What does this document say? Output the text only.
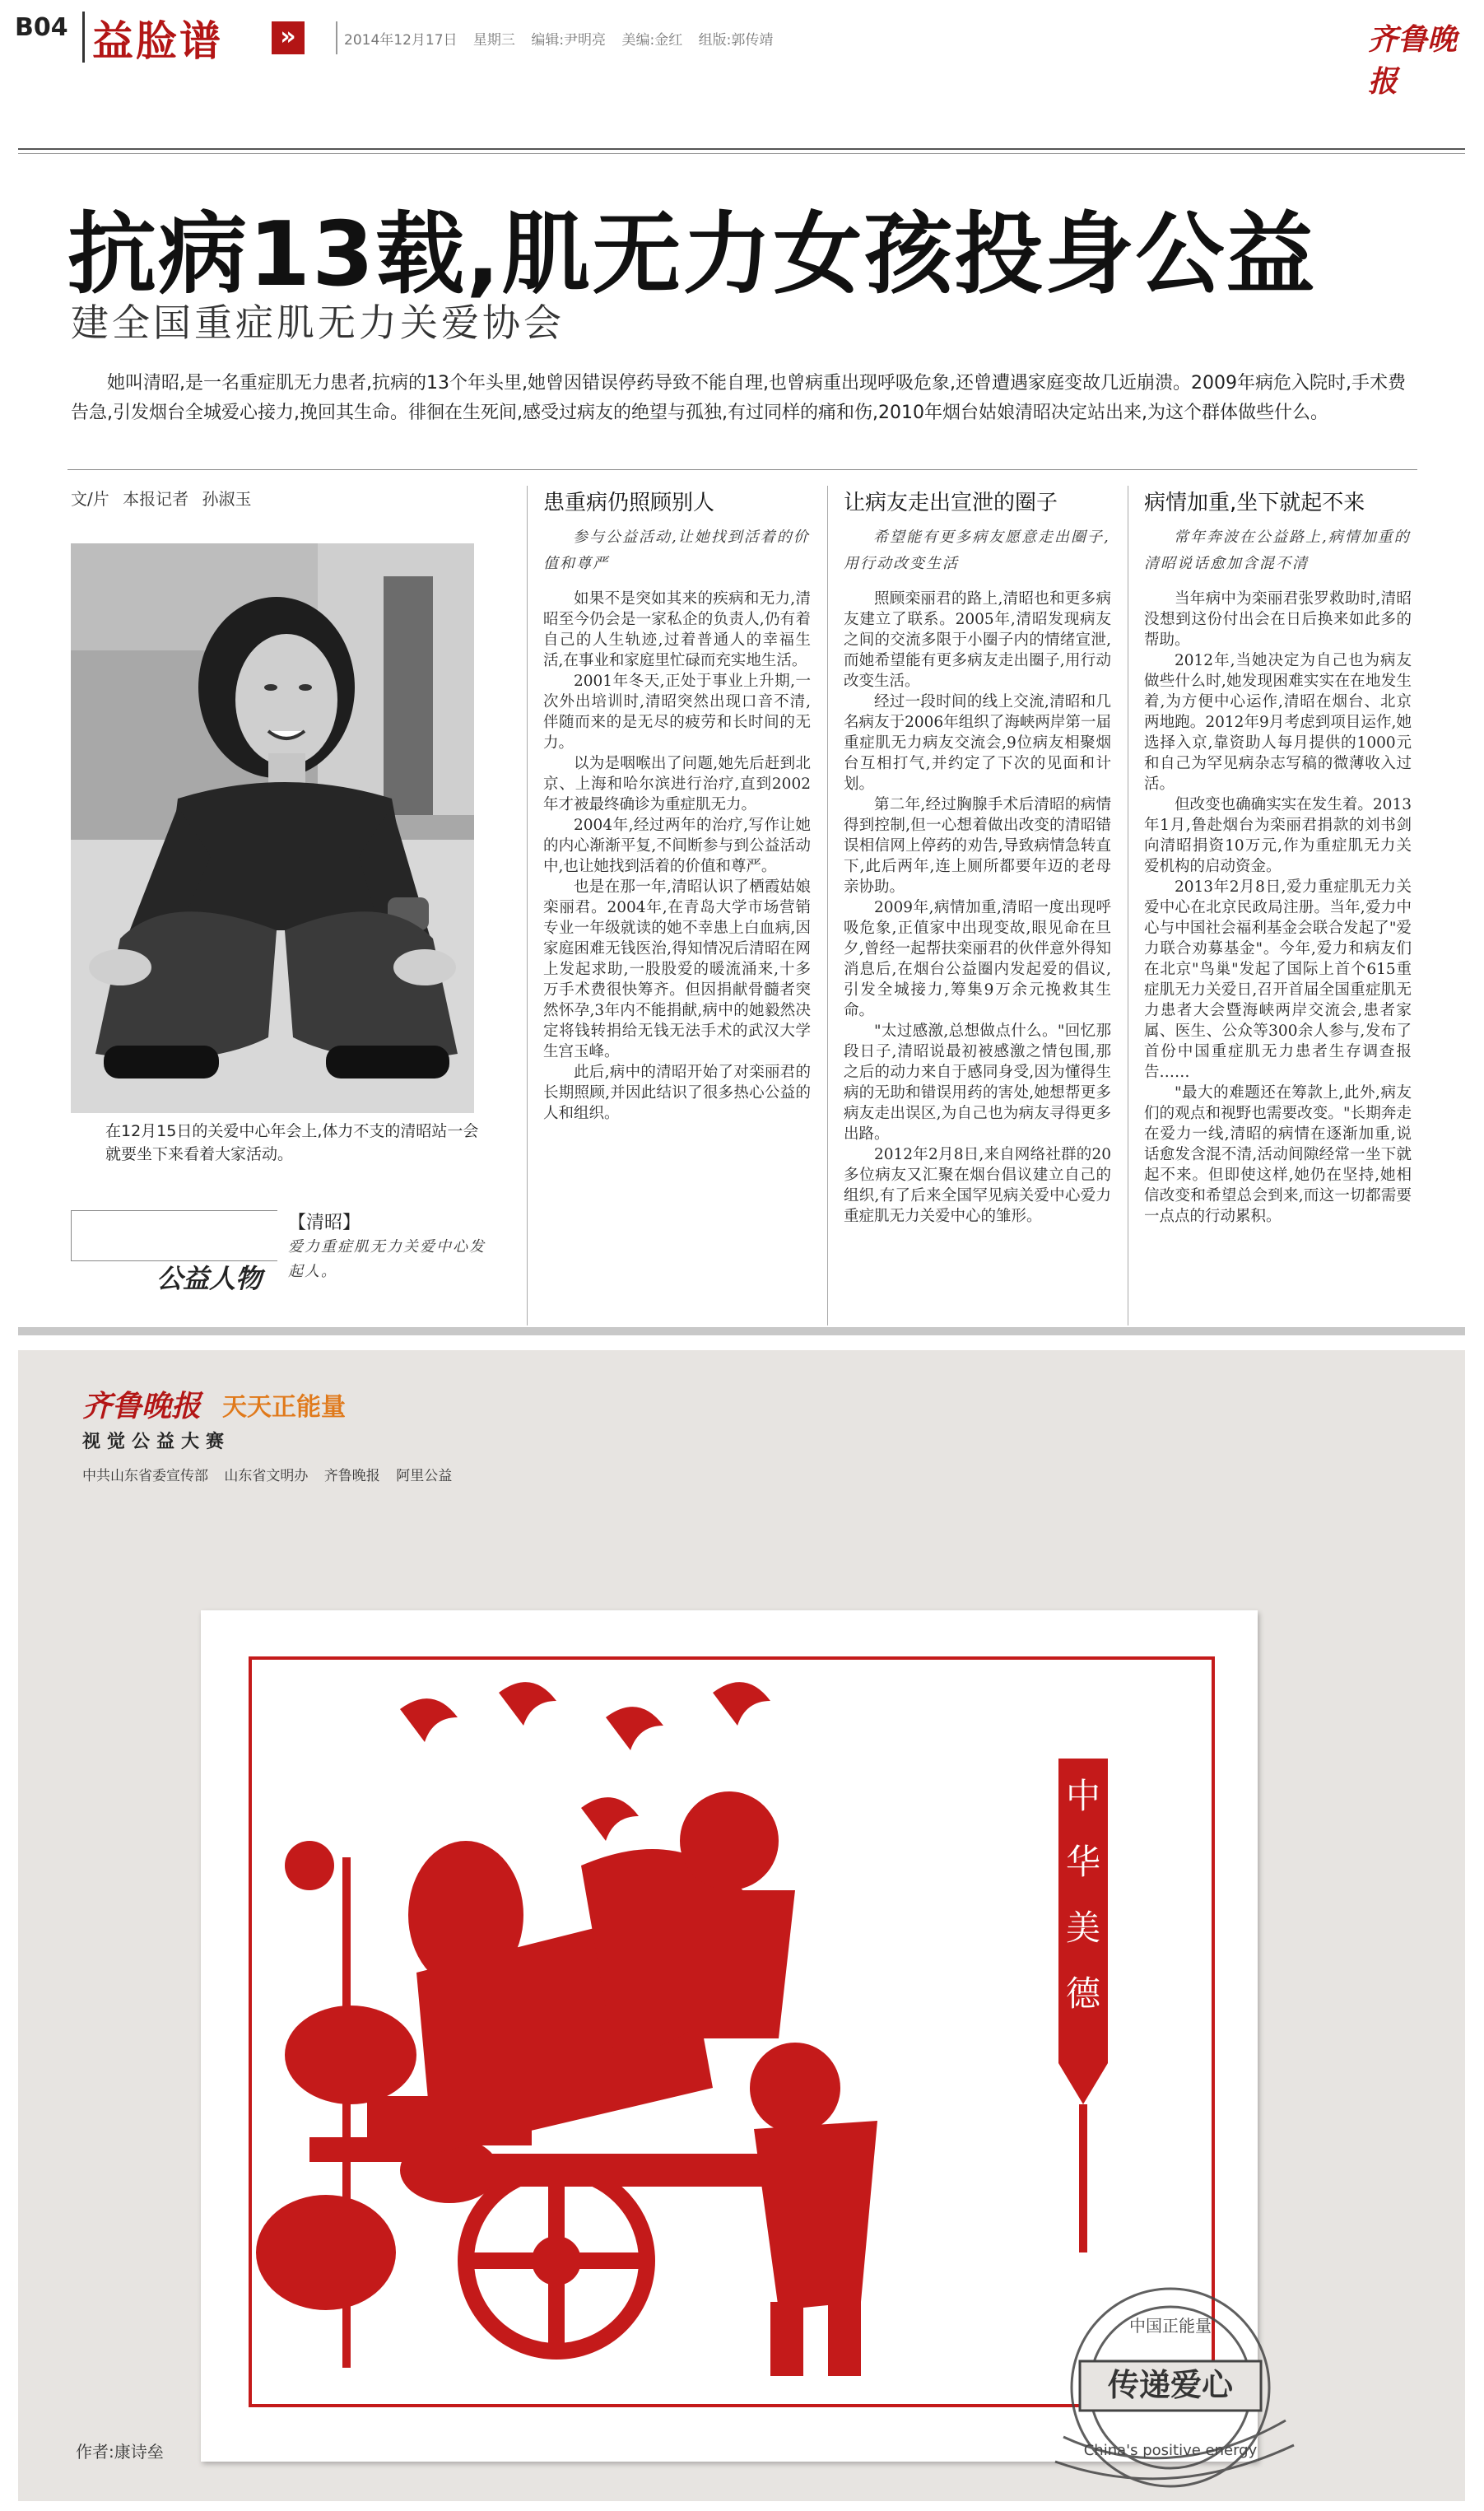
B04 益脸谱	»	2014年12月17日 星期三 编辑:尹明亮 美编:金红 组版:郭传靖	齐鲁晚报
抗病13载,肌无力女孩投身公益
建全国重症肌无力关爱协会
她叫清昭,是一名重症肌无力患者,抗病的13个年头里,她曾因错误停药导致不能自理,也曾病重出现呼吸危象,还曾遭遇家庭变故几近崩溃。2009年病危入院时,手术费告急,引发烟台全城爱心接力,挽回其生命。徘徊在生死间,感受过病友的绝望与孤独,有过同样的痛和伤,2010年烟台姑娘清昭决定站出来,为这个群体做些什么。
文/片 本报记者 孙淑玉
在12月15日的关爱中心年会上,体力不支的清昭站一会就要坐下来看着大家活动。
公益人物
【清昭】
爱力重症肌无力关爱中心发起人。
患重病仍照顾别人
参与公益活动,让她找到活着的价值和尊严

如果不是突如其来的疾病和无力,清昭至今仍会是一家私企的负责人,仍有着自己的人生轨迹,过着普通人的幸福生活,在事业和家庭里忙碌而充实地生活。

2001年冬天,正处于事业上升期,一次外出培训时,清昭突然出现口音不清,伴随而来的是无尽的疲劳和长时间的无力。

以为是咽喉出了问题,她先后赶到北京、上海和哈尔滨进行治疗,直到2002年才被最终确诊为重症肌无力。

2004年,经过两年的治疗,写作让她的内心渐渐平复,不间断参与到公益活动中,也让她找到活着的价值和尊严。

也是在那一年,清昭认识了栖霞姑娘栾丽君。2004年,在青岛大学市场营销专业一年级就读的她不幸患上白血病,因家庭困难无钱医治,得知情况后清昭在网上发起求助,一股股爱的暖流涌来,十多万手术费很快筹齐。但因捐献骨髓者突然怀孕,3年内不能捐献,病中的她毅然决定将钱转捐给无钱无法手术的武汉大学生宫玉峰。

此后,病中的清昭开始了对栾丽君的长期照顾,并因此结识了很多热心公益的人和组织。

让病友走出宣泄的圈子
希望能有更多病友愿意走出圈子,用行动改变生活

照顾栾丽君的路上,清昭也和更多病友建立了联系。2005年,清昭发现病友之间的交流多限于小圈子内的情绪宣泄,而她希望能有更多病友走出圈子,用行动改变生活。

经过一段时间的线上交流,清昭和几名病友于2006年组织了海峡两岸第一届重症肌无力病友交流会,9位病友相聚烟台互相打气,并约定了下次的见面和计划。

第二年,经过胸腺手术后清昭的病情得到控制,但一心想着做出改变的清昭错误相信网上停药的劝告,导致病情急转直下,此后两年,连上厕所都要年迈的老母亲协助。

2009年,病情加重,清昭一度出现呼吸危象,正值家中出现变故,眼见命在旦夕,曾经一起帮扶栾丽君的伙伴意外得知消息后,在烟台公益圈内发起爱的倡议,引发全城接力,筹集9万余元挽救其生命。

"太过感激,总想做点什么。"回忆那段日子,清昭说最初被感激之情包围,那之后的动力来自于感同身受,因为懂得生病的无助和错误用药的害处,她想帮更多病友走出误区,为自己也为病友寻得更多出路。

2012年2月8日,来自网络社群的20多位病友又汇聚在烟台倡议建立自己的组织,有了后来全国罕见病关爱中心爱力重症肌无力关爱中心的雏形。

病情加重,坐下就起不来
常年奔波在公益路上,病情加重的清昭说话愈加含混不清

当年病中为栾丽君张罗救助时,清昭没想到这份付出会在日后换来如此多的帮助。

2012年,当她决定为自己也为病友做些什么时,她发现困难实实在在地发生着,为方便中心运作,清昭在烟台、北京两地跑。2012年9月考虑到项目运作,她选择入京,靠资助人每月提供的1000元和自己为罕见病杂志写稿的微薄收入过活。

但改变也确确实实在发生着。2013年1月,鲁赴烟台为栾丽君捐款的刘书剑向清昭捐资10万元,作为重症肌无力关爱机构的启动资金。

2013年2月8日,爱力重症肌无力关爱中心在北京民政局注册。当年,爱力中心与中国社会福利基金会联合发起了"爱力联合劝募基金"。今年,爱力和病友们在北京"鸟巢"发起了国际上首个615重症肌无力关爱日,召开首届全国重症肌无力患者大会暨海峡两岸交流会,患者家属、医生、公众等300余人参与,发布了首份中国重症肌无力患者生存调查报告……

"最大的难题还在筹款上,此外,病友们的观点和视野也需要改变。"长期奔走在爱力一线,清昭的病情在逐渐加重,说话愈发含混不清,活动间隙经常一坐下就起不来。但即使这样,她仍在坚持,她相信改变和希望总会到来,而这一切都需要一点点的行动累积。

齐鲁晚报 天天正能量
视觉公益大赛
中共山东省委宣传部 山东省文明办 齐鲁晚报 阿里公益
中
华
美
德
传递爱心
中国正能量
China's positive energy
作者:康诗垒
